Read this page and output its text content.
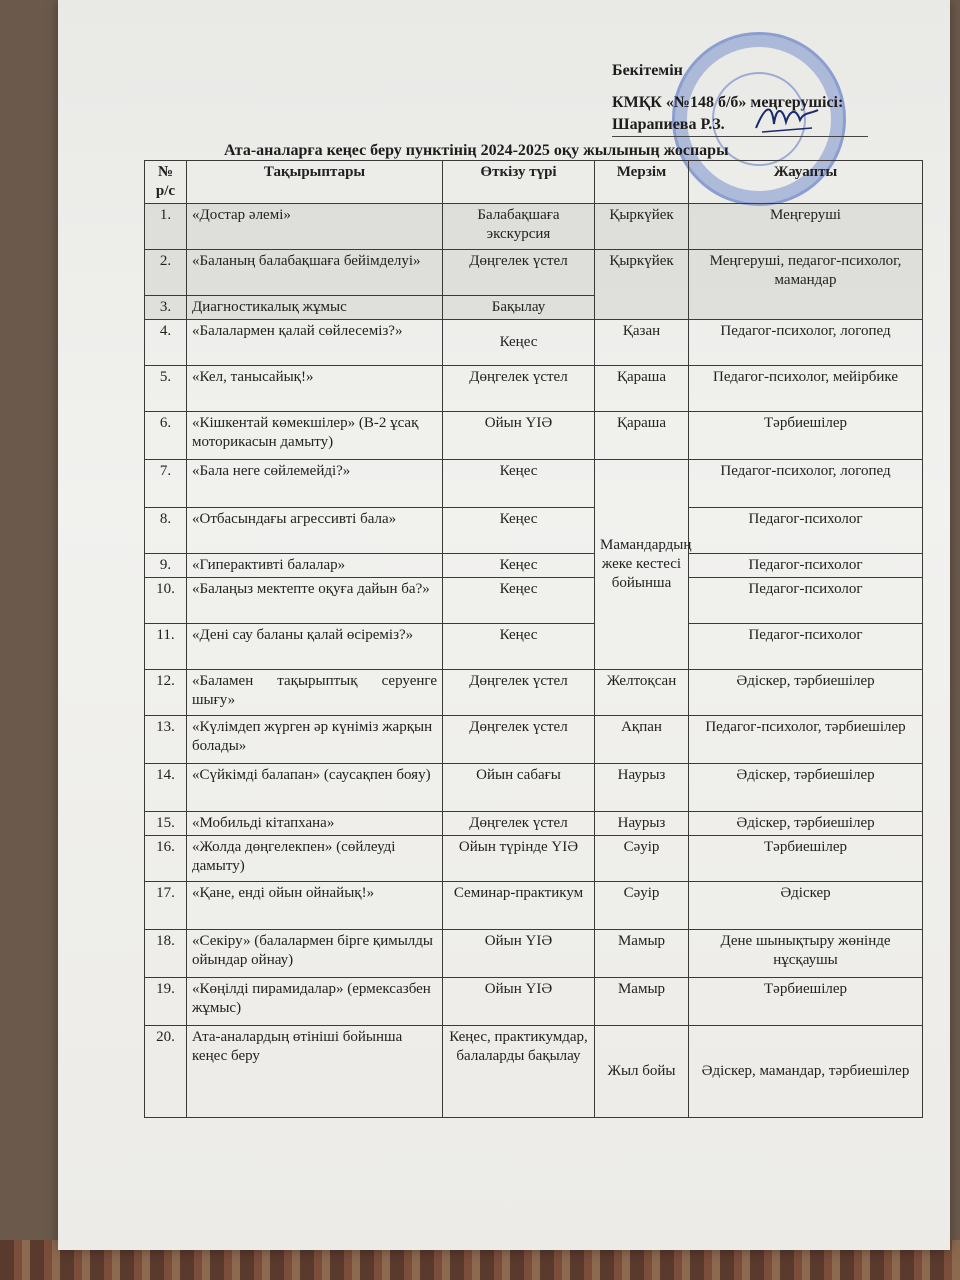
Бекітемін
КМҚК «№148 б/б» меңгерушісі:
Шарапиева Р.З.
Ата-аналарға кеңес беру пунктінің 2024-2025 оқу жылының жоспары
№ р/с	Тақырыптары	Өткізу түрі	Мерзім	Жауапты
1.	«Достар әлемі»	Балабақшаға экскурсия	Қыркүйек	Меңгеруші
2.	«Баланың балабақшаға бейімделуі»	Дөңгелек үстел	Қыркүйек	Меңгеруші, педагог-психолог, мамандар
3.	Диагностикалық жұмыс	Бақылау		
4.	«Балалармен қалай сөйлесеміз?»	Кеңес	Қазан	Педагог-психолог, логопед
5.	«Кел, танысайық!»	Дөңгелек үстел	Қараша	Педагог-психолог, мейірбике
6.	«Кішкентай көмекшілер» (В-2 ұсақ моторикасын дамыту)	Ойын ҮІӘ	Қараша	Тәрбиешілер
7.	«Бала неге сөйлемейді?»	Кеңес	Мамандардың жеке кестесі бойынша	Педагог-психолог, логопед
8.	«Отбасындағы агрессивті бала»	Кеңес		Педагог-психолог
9.	«Гиперактивті балалар»	Кеңес		Педагог-психолог
10.	«Балаңыз мектепте оқуға дайын ба?»	Кеңес		Педагог-психолог
11.	«Дені сау баланы қалай өсіреміз?»	Кеңес		Педагог-психолог
12.	«Баламен тақырыптық серуенге шығу»	Дөңгелек үстел	Желтоқсан	Әдіскер, тәрбиешілер
13.	«Күлімдеп жүрген әр күніміз жарқын болады»	Дөңгелек үстел	Ақпан	Педагог-психолог, тәрбиешілер
14.	«Сүйкімді балапан» (саусақпен бояу)	Ойын сабағы	Наурыз	Әдіскер, тәрбиешілер
15.	«Мобильді кітапхана»	Дөңгелек үстел	Наурыз	Әдіскер, тәрбиешілер
16.	«Жолда дөңгелекпен» (сөйлеуді дамыту)	Ойын түрінде ҮІӘ	Сәуір	Тәрбиешілер
17.	«Қане, енді ойын ойнайық!»	Семинар-практикум	Сәуір	Әдіскер
18.	«Секіру» (балалармен бірге қимылды ойындар ойнау)	Ойын ҮІӘ	Мамыр	Дене шынықтыру жөнінде нұсқаушы
19.	«Көңілді пирамидалар» (ермексазбен жұмыс)	Ойын ҮІӘ	Мамыр	Тәрбиешілер
20.	Ата-аналардың өтініші бойынша кеңес беру	Кеңес, практикумдар, балаларды бақылау	Жыл бойы	Әдіскер, мамандар, тәрбиешілер
